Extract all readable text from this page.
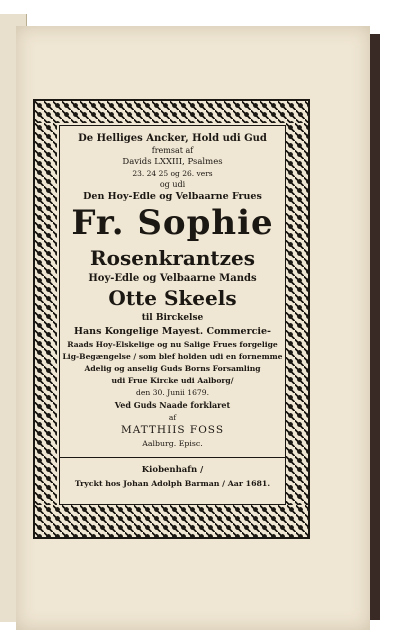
De Helliges Ancker, Hold udi Gud
fremsat af
Davids LXXIII, Psalmes
23. 24 25 og 26. vers
og udi
Den Hoy-Edle og Velbaarne Frues
Fr. Sophie
Rosenkrantzes
Hoy-Edle og Velbaarne Mands
Otte Skeels
til Birckelse
Hans Kongelige Mayest. Commercie-
Raads Hoy-Elskelige og nu Salige Frues forgelige
Lig-Begængelse / som blef holden udi en fornemme
Adelig og anselig Guds Borns Forsamling
udi Frue Kircke udi Aalborg/
den 30. Junii 1679.
Ved Guds Naade forklaret
af
MATTHIIS FOSS
Aalburg. Episc.
Kiobenhafn /
Tryckt hos Johan Adolph Barman / Aar 1681.
